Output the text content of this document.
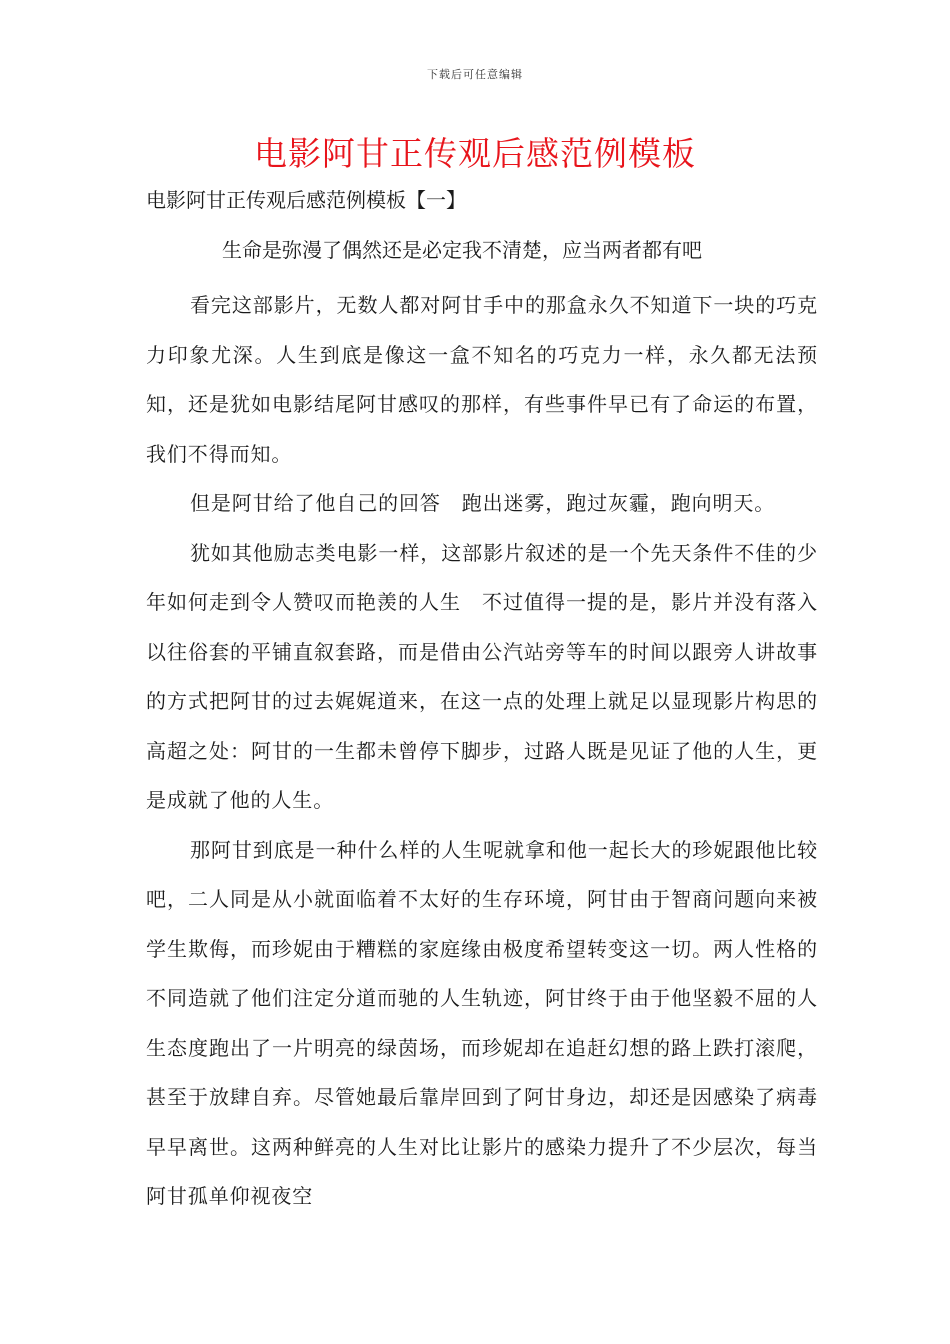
下载后可任意编辑
电影阿甘正传观后感范例模板
电影阿甘正传观后感范例模板【一】
生命是弥漫了偶然还是必定我不清楚，应当两者都有吧

看完这部影片，无数人都对阿甘手中的那盒永久不知道下一块的巧克力印象尤深。人生到底是像这一盒不知名的巧克力一样，永久都无法预知，还是犹如电影结尾阿甘感叹的那样，有些事件早已有了命运的布置，我们不得而知。

但是阿甘给了他自己的回答　跑出迷雾，跑过灰霾，跑向明天。

犹如其他励志类电影一样，这部影片叙述的是一个先天条件不佳的少年如何走到令人赞叹而艳羡的人生　不过值得一提的是，影片并没有落入以往俗套的平铺直叙套路，而是借由公汽站旁等车的时间以跟旁人讲故事的方式把阿甘的过去娓娓道来，在这一点的处理上就足以显现影片构思的高超之处：阿甘的一生都未曾停下脚步，过路人既是见证了他的人生，更是成就了他的人生。

那阿甘到底是一种什么样的人生呢就拿和他一起长大的珍妮跟他比较吧，二人同是从小就面临着不太好的生存环境，阿甘由于智商问题向来被学生欺侮，而珍妮由于糟糕的家庭缘由极度希望转变这一切。两人性格的不同造就了他们注定分道而驰的人生轨迹，阿甘终于由于他坚毅不屈的人生态度跑出了一片明亮的绿茵场，而珍妮却在追赶幻想的路上跌打滚爬，甚至于放肆自弃。尽管她最后靠岸回到了阿甘身边，却还是因感染了病毒早早离世。这两种鲜亮的人生对比让影片的感染力提升了不少层次，每当阿甘孤单仰视夜空
